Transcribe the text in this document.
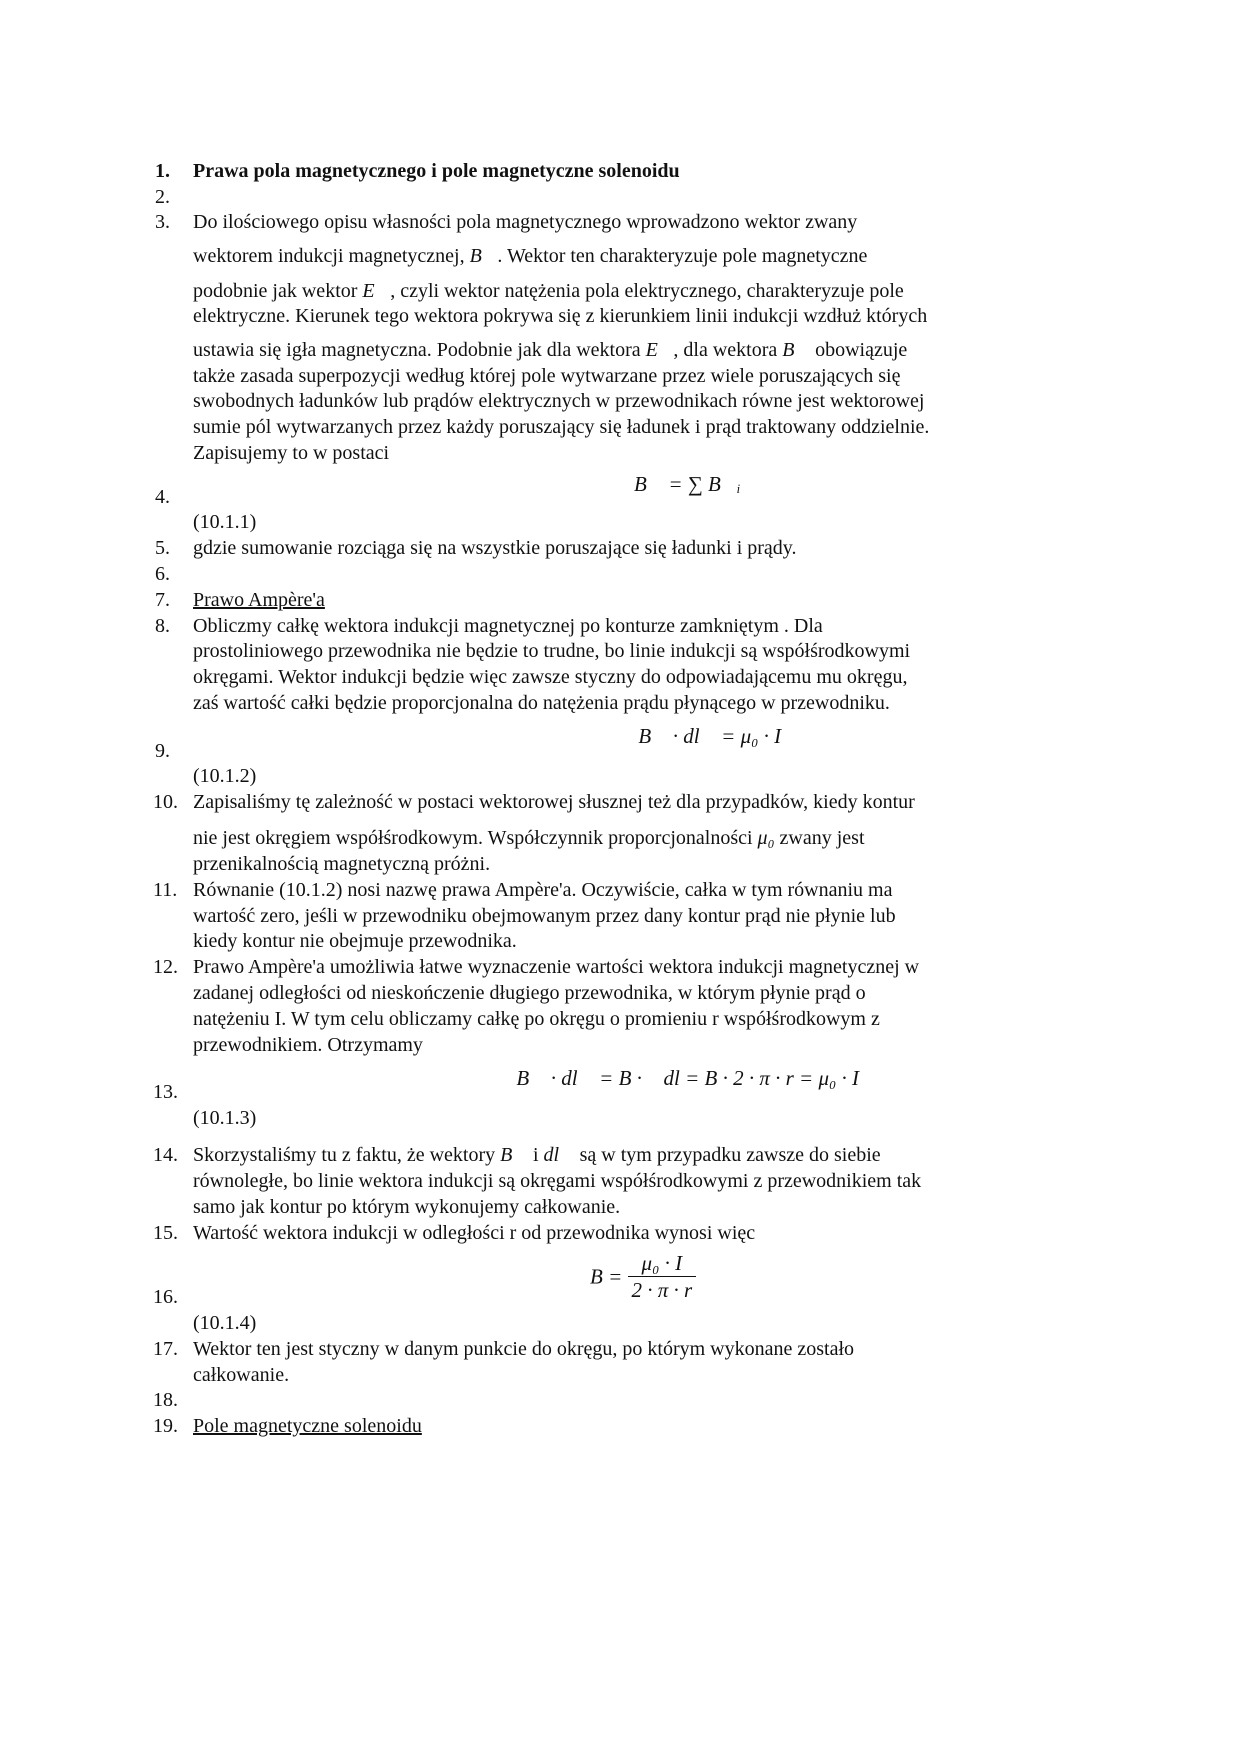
1.
2.
3.
4.
5.
6.
7.
8.
9.
10.
11.
12.
13.
14.
15.
16.
17.
18.
19.
Prawa pola magnetycznego i pole magnetyczne solenoidu
Do ilościowego opisu własności pola magnetycznego wprowadzono wektor zwany
wektorem indukcji magnetycznej, B⃗. Wektor ten charakteryzuje pole magnetyczne
podobnie jak wektor E⃗, czyli wektor natężenia pola elektrycznego, charakteryzuje pole
elektryczne. Kierunek tego wektora pokrywa się z kierunkiem linii indukcji wzdłuż których
ustawia się igła magnetyczna. Podobnie jak dla wektora E⃗, dla wektora B⃗ obowiązuje
także zasada superpozycji według której pole wytwarzane przez wiele poruszających się
swobodnych ładunków lub prądów elektrycznych w przewodnikach równe jest wektorowej
sumie pól wytwarzanych przez każdy poruszający się ładunek i prąd traktowany oddzielnie.
Zapisujemy to w postaci
B⃗ = ∑ B⃗ᵢ
(10.1.1)
gdzie sumowanie rozciąga się na wszystkie poruszające się ładunki i prądy.
Prawo Ampère'a
Obliczmy całkę wektora indukcji magnetycznej po konturze zamkniętym . Dla
prostoliniowego przewodnika nie będzie to trudne, bo linie indukcji są współśrodkowymi
okręgami. Wektor indukcji będzie więc zawsze styczny do odpowiadającemu mu okręgu,
zaś wartość całki będzie proporcjonalna do natężenia prądu płynącego w przewodniku.
∮B⃗ · dl⃗ = μ₀ · I
(10.1.2)
Zapisaliśmy tę zależność w postaci wektorowej słusznej też dla przypadków, kiedy kontur
nie jest okręgiem współśrodkowym. Współczynnik proporcjonalności μ₀ zwany jest
przenikalnością magnetyczną próżni.
Równanie (10.1.2) nosi nazwę prawa Ampère'a. Oczywiście, całka w tym równaniu ma
wartość zero, jeśli w przewodniku obejmowanym przez dany kontur prąd nie płynie lub
kiedy kontur nie obejmuje przewodnika.
Prawo Ampère'a umożliwia łatwe wyznaczenie wartości wektora indukcji magnetycznej w
zadanej odległości od nieskończenie długiego przewodnika, w którym płynie prąd o
natężeniu I. W tym celu obliczamy całkę po okręgu o promieniu r współśrodkowym z
przewodnikiem. Otrzymamy
∮B⃗ · dl⃗ = B · ∮dl = B · 2 · π · r = μ₀ · I
(10.1.3)
Skorzystaliśmy tu z faktu, że wektory B⃗ i dl⃗ są w tym przypadku zawsze do siebie
równoległe, bo linie wektora indukcji są okręgami współśrodkowymi z przewodnikiem tak
samo jak kontur po którym wykonujemy całkowanie.
Wartość wektora indukcji w odległości r od przewodnika wynosi więc
$B = \frac{\text{μ₀ · I}}{2 \cdot \pi \cdot r}$
(10.1.4)
Wektor ten jest styczny w danym punkcie do okręgu, po którym wykonane zostało
całkowanie.
Pole magnetyczne solenoidu
